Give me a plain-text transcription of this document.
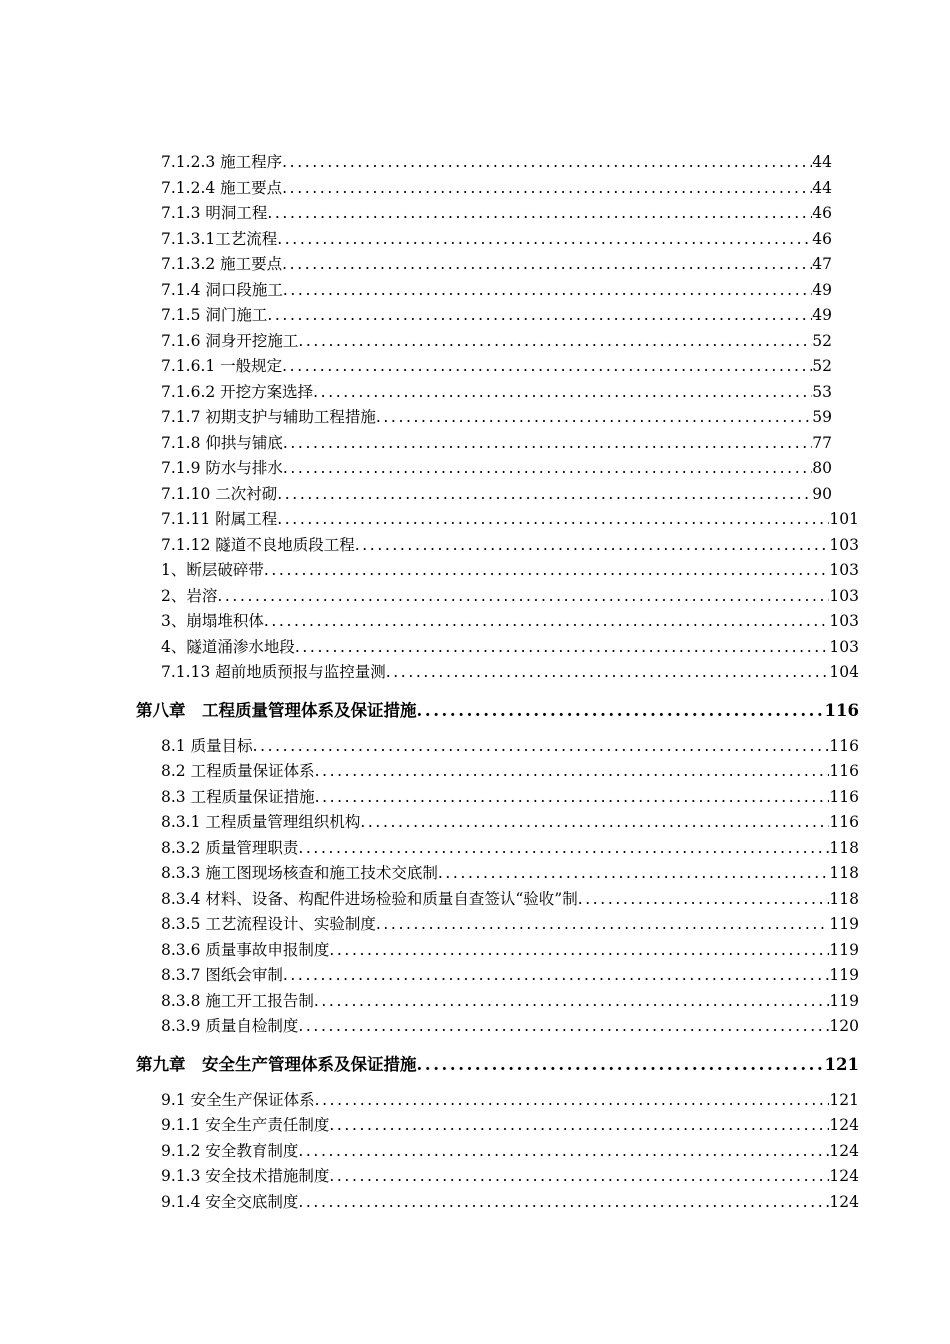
7.1.2.3 施工程序 .....	44
7.1.2.4 施工要点 .....	44
7.1.3 明洞工程 .....	46
7.1.3.1工艺流程 .....	46
7.1.3.2 施工要点 .....	47
7.1.4 洞口段施工 .....	49
7.1.5 洞门施工 .....	49
7.1.6 洞身开挖施工 .....	52
7.1.6.1 一般规定 .....	52
7.1.6.2 开挖方案选择 .....	53
7.1.7 初期支护与辅助工程措施 .....	59
7.1.8 仰拱与铺底 .....	77
7.1.9 防水与排水 .....	80
7.1.10 二次衬砌 .....	90
7.1.11 附属工程 .....	101
7.1.12 隧道不良地质段工程 .....	103
1、断层破碎带 .....	103
2、岩溶 .....	103
3、崩塌堆积体 .....	103
4、隧道涌渗水地段 .....	103
7.1.13 超前地质预报与监控量测 .....	104
第八章　工程质量管理体系及保证措施 .....	116
8.1 质量目标 .....	116
8.2 工程质量保证体系 .....	116
8.3 工程质量保证措施 .....	116
8.3.1 工程质量管理组织机构 .....	116
8.3.2 质量管理职责 .....	118
8.3.3 施工图现场核查和施工技术交底制 .....	118
8.3.4 材料、设备、构配件进场检验和质量自查签认“验收”制 .....	118
8.3.5 工艺流程设计、实验制度 .....	119
8.3.6 质量事故申报制度 .....	119
8.3.7 图纸会审制 .....	119
8.3.8 施工开工报告制 .....	119
8.3.9 质量自检制度 .....	120
第九章　安全生产管理体系及保证措施 .....	121
9.1 安全生产保证体系 .....	121
9.1.1 安全生产责任制度 .....	124
9.1.2 安全教育制度 .....	124
9.1.3 安全技术措施制度 .....	124
9.1.4 安全交底制度 .....	124
